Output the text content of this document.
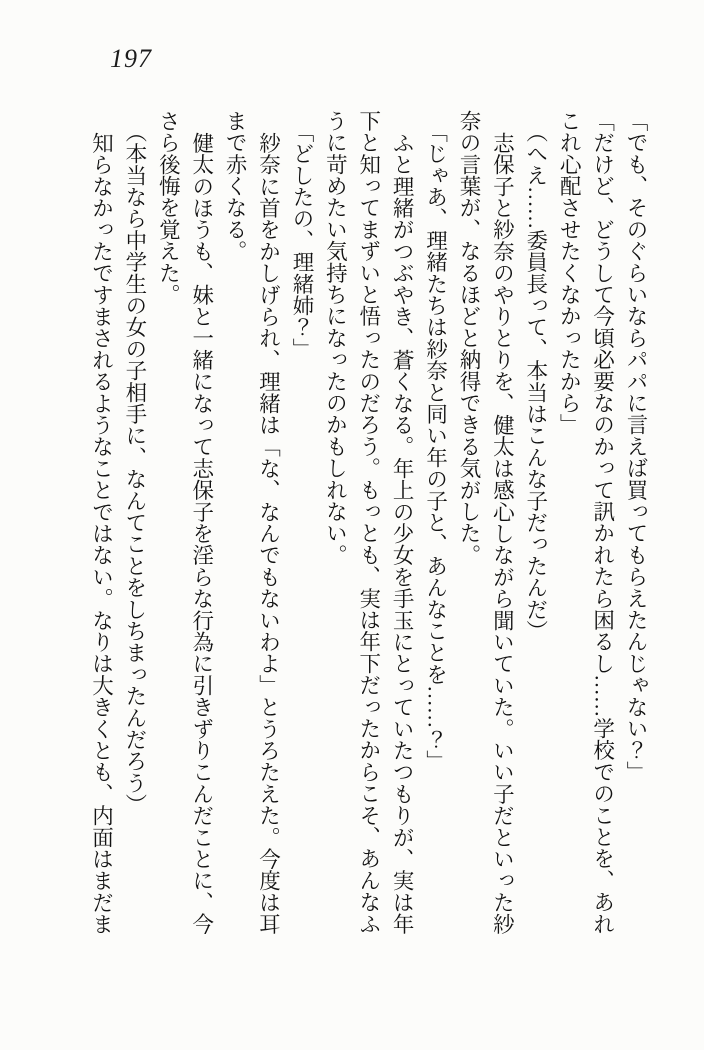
197

「でも、そのぐらいならパパに言えば買ってもらえたんじゃない？」

「だけど、どうして今頃必要なのかって訊かれたら困るし……学校でのことを、あれ

これ心配させたくなかったから」

（へえ……委員長って、本当はこんな子だったんだ）

志保子と紗奈のやりとりを、健太は感心しながら聞いていた。いい子だといった紗

奈の言葉が、なるほどと納得できる気がした。

「じゃあ、理緒たちは紗奈と同い年の子と、あんなことを……？」

ふと理緒がつぶやき、蒼くなる。年上の少女を手玉にとっていたつもりが、実は年

下と知ってまずいと悟ったのだろう。もっとも、実は年下だったからこそ、あんなふ

うに苛めたい気持ちになったのかもしれない。

「どしたの、理緒姉？」

紗奈に首をかしげられ、理緒は「な、なんでもないわよ」とうろたえた。今度は耳

まで赤くなる。

健太のほうも、妹と一緒になって志保子を淫らな行為に引きずりこんだことに、今

さら後悔を覚えた。

（本当なら中学生の女の子相手に、なんてことをしちまったんだろう）

知らなかったですまされるようなことではない。なりは大きくとも、内面はまだま
